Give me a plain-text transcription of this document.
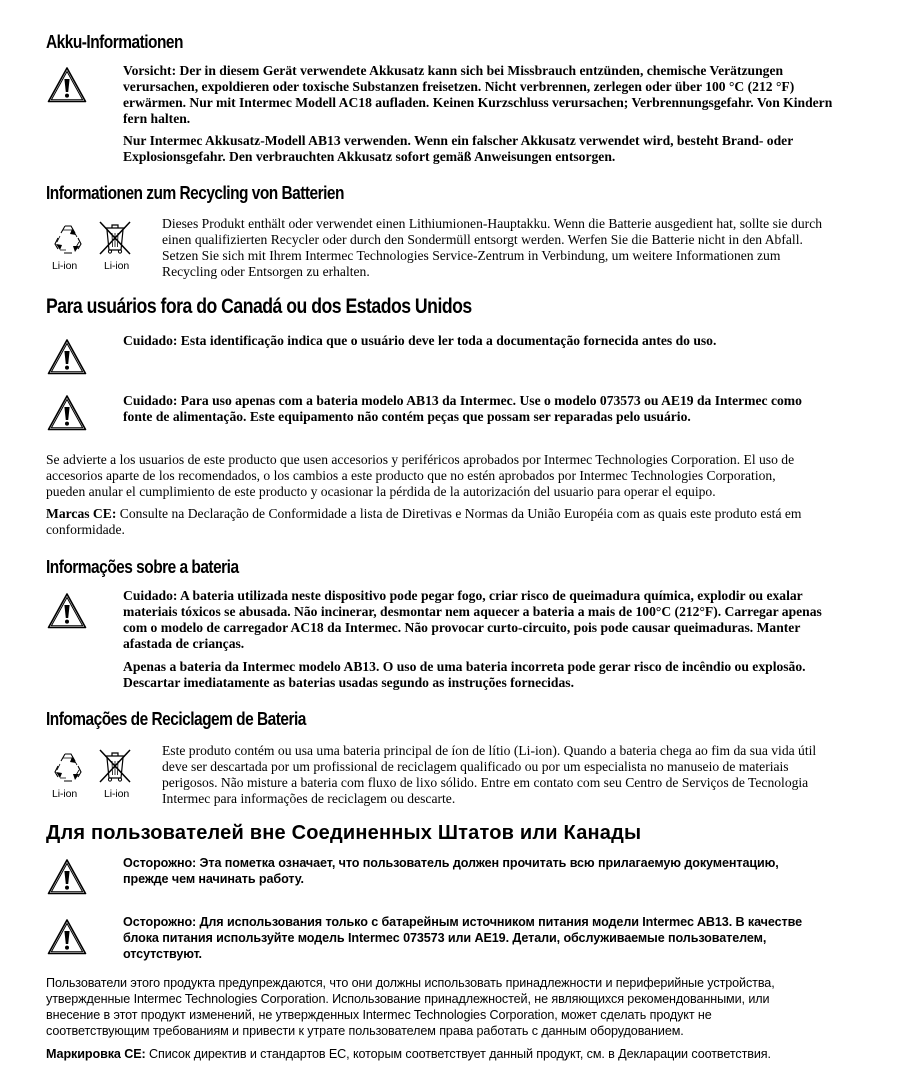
Akku-Informationen
Vorsicht: Der in diesem Gerät verwendete Akkusatz kann sich bei Missbrauch entzünden, chemische Verätzungen
verursachen, expoldieren oder toxische Substanzen freisetzen. Nicht verbrennen, zerlegen oder über 100 °C (212 °F)
erwärmen. Nur mit Intermec Modell AC18 aufladen. Keinen Kurzschluss verursachen; Verbrennungsgefahr. Von Kindern
fern halten.
Nur Intermec Akkusatz-Modell AB13 verwenden. Wenn ein falscher Akkusatz verwendet wird, besteht Brand- oder
Explosionsgefahr. Den verbrauchten Akkusatz sofort gemäß Anweisungen entsorgen.
Informationen zum Recycling von Batterien
Li-ion	Li-ion
Dieses Produkt enthält oder verwendet einen Lithiumionen-Hauptakku. Wenn die Batterie ausgedient hat, sollte sie durch
einen qualifizierten Recycler oder durch den Sondermüll entsorgt werden. Werfen Sie die Batterie nicht in den Abfall.
Setzen Sie sich mit Ihrem Intermec Technologies Service-Zentrum in Verbindung, um weitere Informationen zum
Recycling oder Entsorgen zu erhalten.
Para usuários fora do Canadá ou dos Estados Unidos
Cuidado: Esta identificação indica que o usuário deve ler toda a documentação fornecida antes do uso.
Cuidado: Para uso apenas com a bateria modelo AB13 da Intermec. Use o modelo 073573 ou AE19 da Intermec como
fonte de alimentação. Este equipamento não contém peças que possam ser reparadas pelo usuário.
Se advierte a los usuarios de este producto que usen accesorios y periféricos aprobados por Intermec Technologies Corporation. El uso de
accesorios aparte de los recomendados, o los cambios a este producto que no estén aprobados por Intermec Technologies Corporation,
pueden anular el cumplimiento de este producto y ocasionar la pérdida de la autorización del usuario para operar el equipo.
Marcas CE: Consulte na Declaração de Conformidade a lista de Diretivas e Normas da União Européia com as quais este produto está em
conformidade.
Informações sobre a bateria
Cuidado: A bateria utilizada neste dispositivo pode pegar fogo, criar risco de queimadura química, explodir ou exalar
materiais tóxicos se abusada. Não incinerar, desmontar nem aquecer a bateria a mais de 100°C (212°F). Carregar apenas
com o modelo de carregador AC18 da Intermec. Não provocar curto-circuito, pois pode causar queimaduras. Manter
afastada de crianças.
Apenas a bateria da Intermec modelo AB13. O uso de uma bateria incorreta pode gerar risco de incêndio ou explosão.
Descartar imediatamente as baterias usadas segundo as instruções fornecidas.
Infomações de Reciclagem de Bateria
Li-ion	Li-ion
Este produto contém ou usa uma bateria principal de íon de lítio (Li-ion). Quando a bateria chega ao fim da sua vida útil
deve ser descartada por um profissional de reciclagem qualificado ou por um especialista no manuseio de materiais
perigosos. Não misture a bateria com fluxo de lixo sólido. Entre em contato com seu Centro de Serviços de Tecnologia
Intermec para informações de reciclagem ou descarte.
Для пользователей вне Соединенных Штатов или Канады
Осторожно: Эта пометка означает, что пользователь должен прочитать всю прилагаемую документацию,
прежде чем начинать работу.
Осторожно: Для использования только с батарейным источником питания модели Intermec AB13. В качестве
блока питания используйте модель Intermec 073573 или AE19. Детали, обслуживаемые пользователем,
отсутствуют.
Пользователи этого продукта предупреждаются, что они должны использовать принадлежности и периферийные устройства,
утвержденные Intermec Technologies Corporation. Использование принадлежностей, не являющихся рекомендованными, или
внесение в этот продукт изменений, не утвержденных Intermec Technologies Corporation, может сделать продукт не
соответствующим требованиям и привести к утрате пользователем права работать с данным оборудованием.
Маркировка CE: Список директив и стандартов ЕС, которым соответствует данный продукт, см. в Декларации соответствия.
